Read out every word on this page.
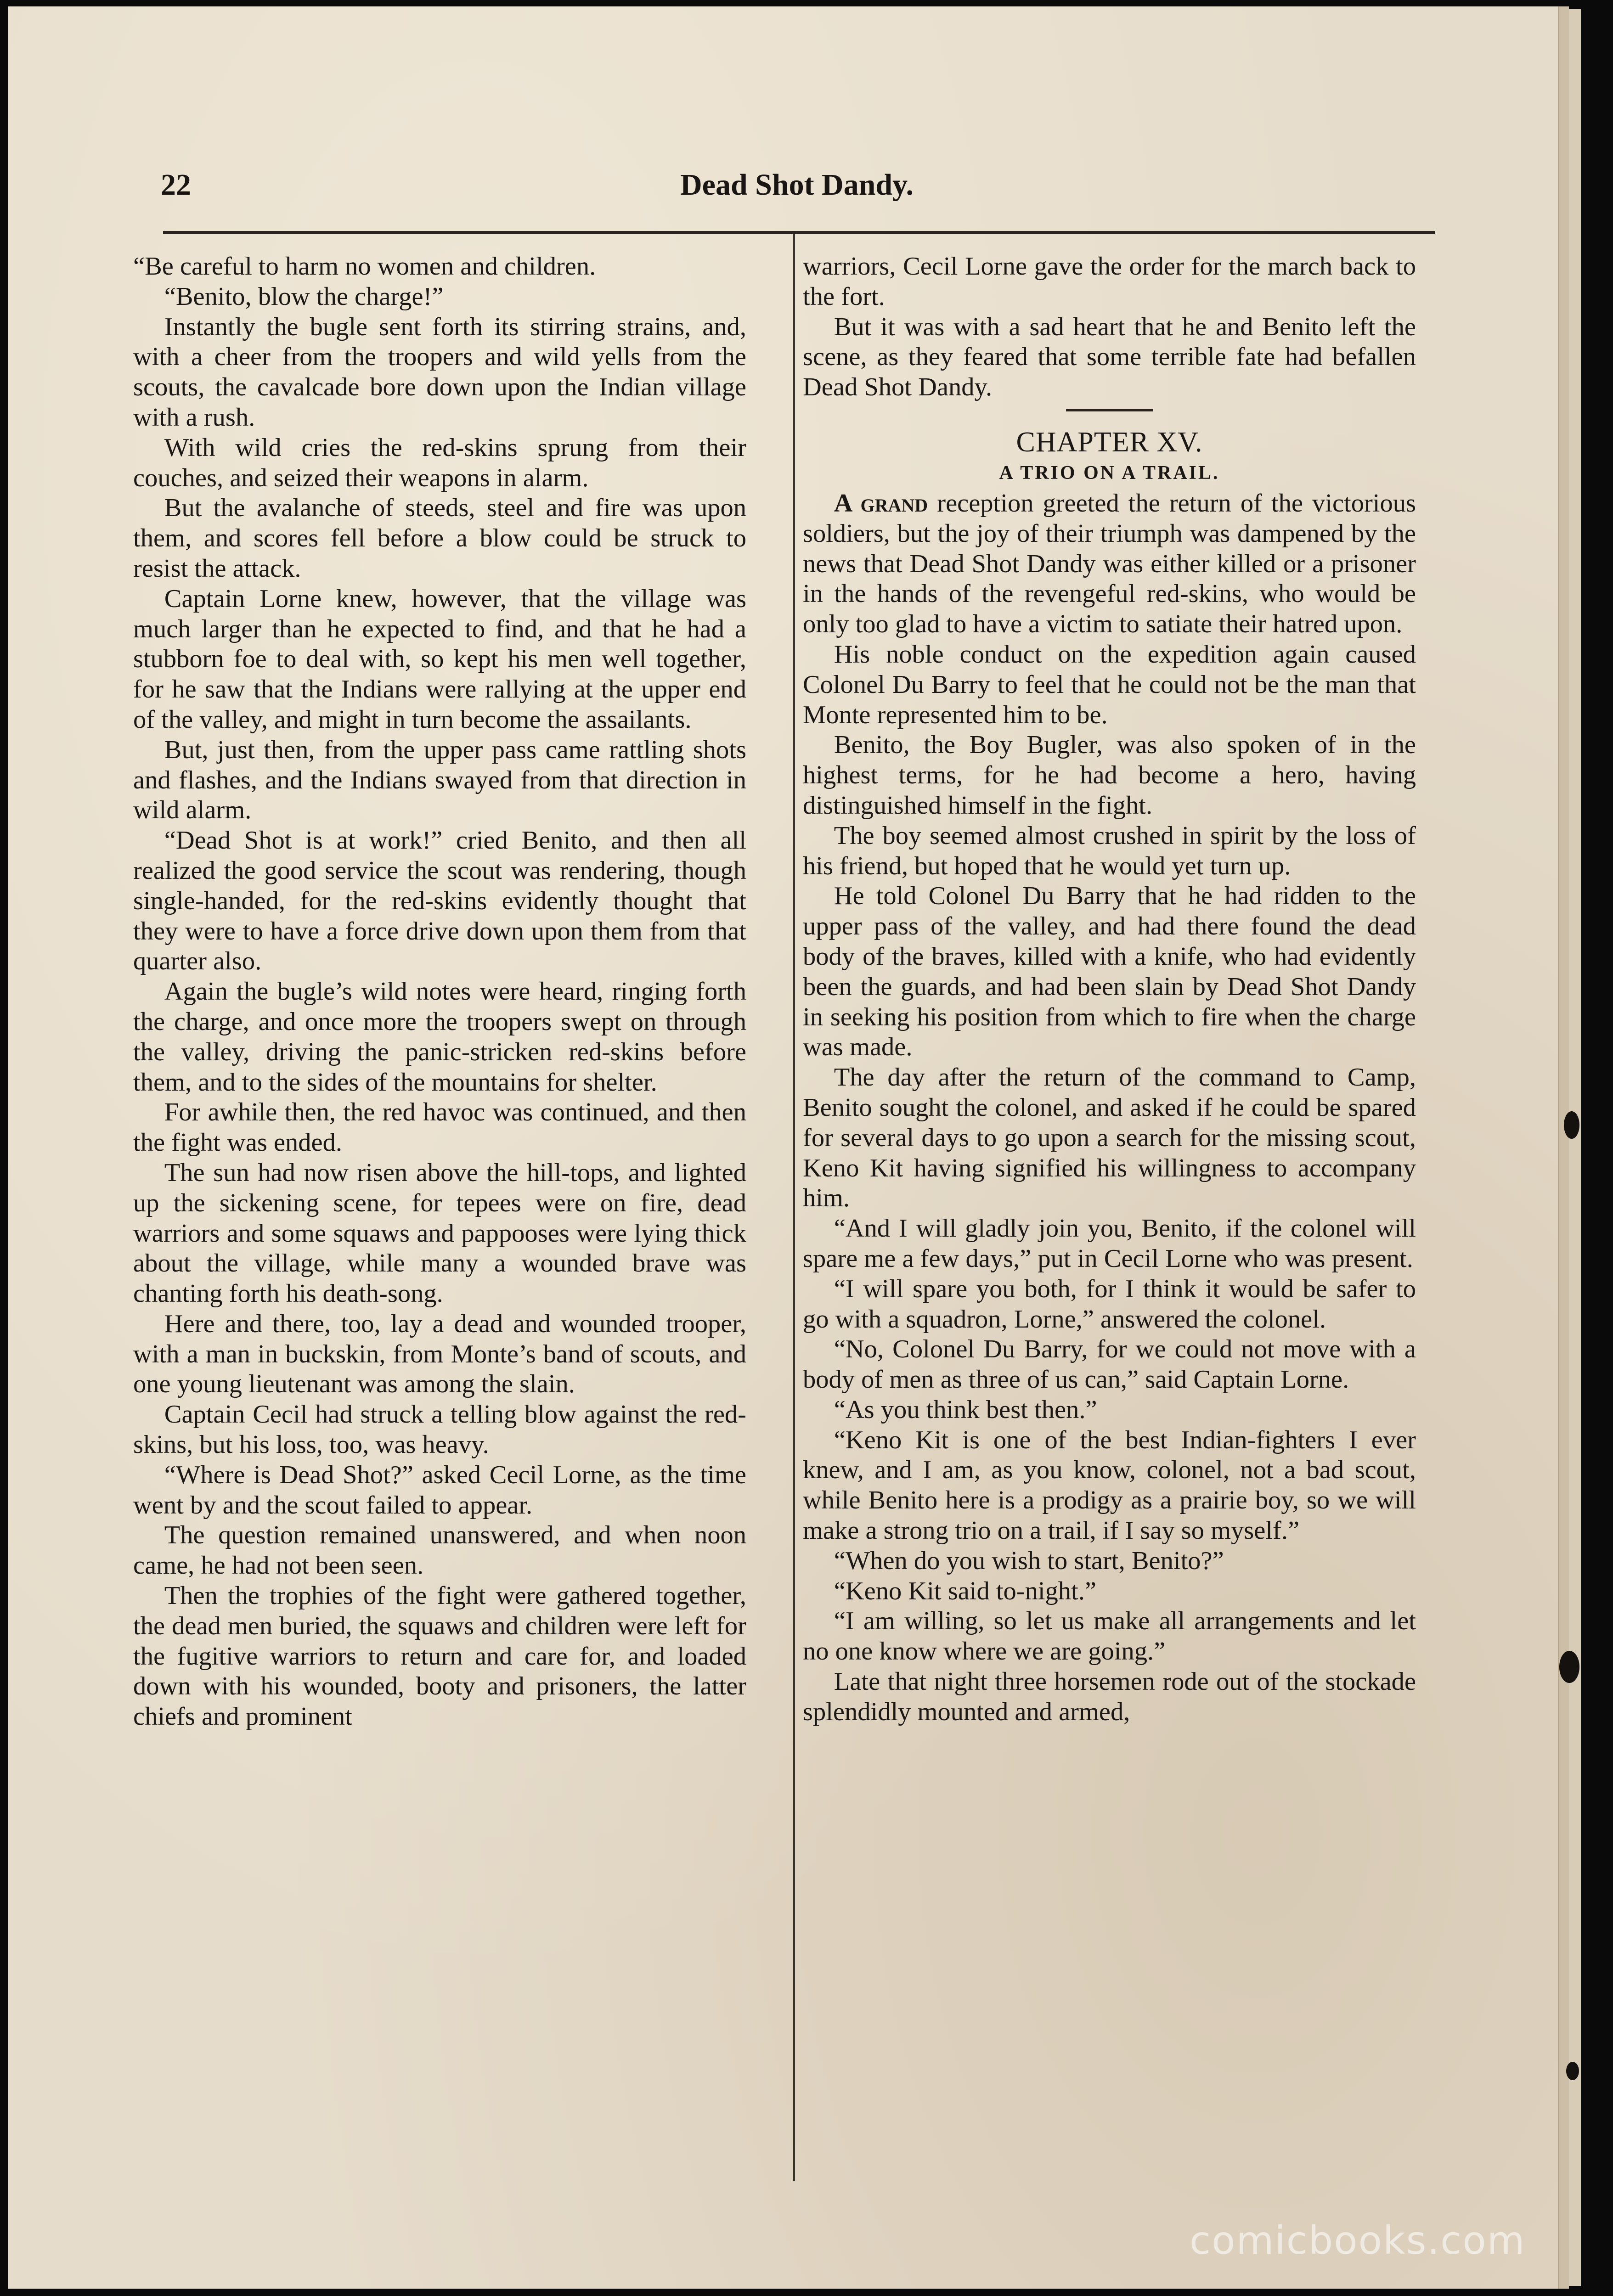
22	Dead Shot Dandy.

“Be careful to harm no women and children.

“Benito, blow the charge!”

Instantly the bugle sent forth its stirring strains, and, with a cheer from the troopers and wild yells from the scouts, the cavalcade bore down upon the Indian village with a rush.

With wild cries the red-skins sprung from their couches, and seized their weapons in alarm.

But the avalanche of steeds, steel and fire was upon them, and scores fell before a blow could be struck to resist the attack.

Captain Lorne knew, however, that the village was much larger than he expected to find, and that he had a stubborn foe to deal with, so kept his men well together, for he saw that the Indians were rallying at the upper end of the valley, and might in turn become the assailants.

But, just then, from the upper pass came rattling shots and flashes, and the Indians swayed from that direction in wild alarm.

“Dead Shot is at work!” cried Benito, and then all realized the good service the scout was rendering, though single-handed, for the red-skins evidently thought that they were to have a force drive down upon them from that quarter also.

Again the bugle’s wild notes were heard, ringing forth the charge, and once more the troopers swept on through the valley, driving the panic-stricken red-skins before them, and to the sides of the mountains for shelter.

For awhile then, the red havoc was continued, and then the fight was ended.

The sun had now risen above the hill-tops, and lighted up the sickening scene, for tepees were on fire, dead warriors and some squaws and pappooses were lying thick about the village, while many a wounded brave was chanting forth his death-song.

Here and there, too, lay a dead and wounded trooper, with a man in buckskin, from Monte’s band of scouts, and one young lieutenant was among the slain.

Captain Cecil had struck a telling blow against the red-skins, but his loss, too, was heavy.

“Where is Dead Shot?” asked Cecil Lorne, as the time went by and the scout failed to appear.

The question remained unanswered, and when noon came, he had not been seen.

Then the trophies of the fight were gathered together, the dead men buried, the squaws and children were left for the fugitive warriors to return and care for, and loaded down with his wounded, booty and prisoners, the latter chiefs and prominent

warriors, Cecil Lorne gave the order for the march back to the fort.

But it was with a sad heart that he and Benito left the scene, as they feared that some terrible fate had befallen Dead Shot Dandy.

CHAPTER XV.
A TRIO ON A TRAIL.

A grand reception greeted the return of the victorious soldiers, but the joy of their triumph was dampened by the news that Dead Shot Dandy was either killed or a prisoner in the hands of the revengeful red-skins, who would be only too glad to have a victim to satiate their hatred upon.

His noble conduct on the expedition again caused Colonel Du Barry to feel that he could not be the man that Monte represented him to be.

Benito, the Boy Bugler, was also spoken of in the highest terms, for he had become a hero, having distinguished himself in the fight.

The boy seemed almost crushed in spirit by the loss of his friend, but hoped that he would yet turn up.

He told Colonel Du Barry that he had ridden to the upper pass of the valley, and had there found the dead body of the braves, killed with a knife, who had evidently been the guards, and had been slain by Dead Shot Dandy in seeking his position from which to fire when the charge was made.

The day after the return of the command to Camp, Benito sought the colonel, and asked if he could be spared for several days to go upon a search for the missing scout, Keno Kit having signified his willingness to accompany him.

“And I will gladly join you, Benito, if the colonel will spare me a few days,” put in Cecil Lorne who was present.

“I will spare you both, for I think it would be safer to go with a squadron, Lorne,” answered the colonel.

“No, Colonel Du Barry, for we could not move with a body of men as three of us can,” said Captain Lorne.

“As you think best then.”

“Keno Kit is one of the best Indian-fighters I ever knew, and I am, as you know, colonel, not a bad scout, while Benito here is a prodigy as a prairie boy, so we will make a strong trio on a trail, if I say so myself.”

“When do you wish to start, Benito?”

“Keno Kit said to-night.”

“I am willing, so let us make all arrangements and let no one know where we are going.”

Late that night three horsemen rode out of the stockade splendidly mounted and armed,

comicbooks.com
